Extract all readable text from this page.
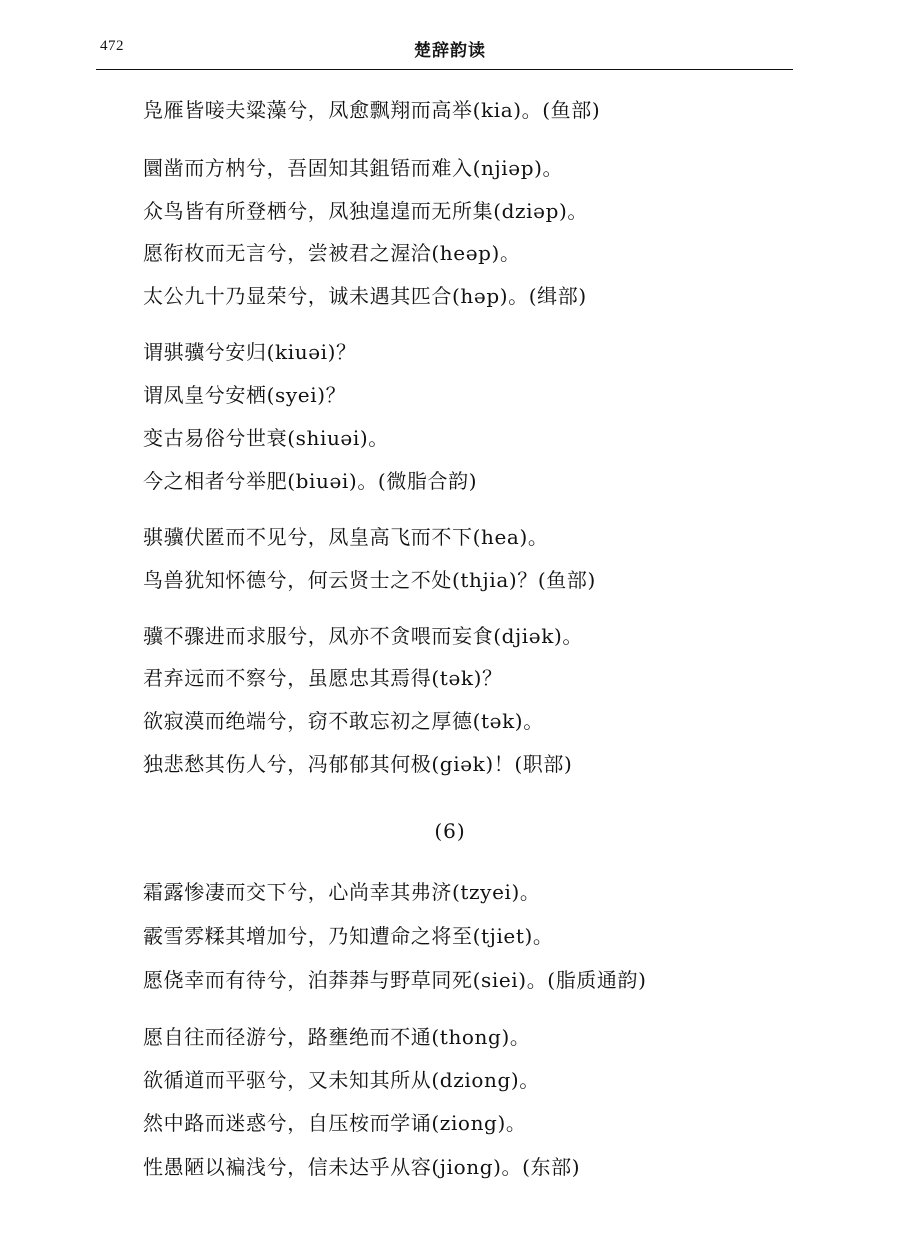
472	楚辞韵读
凫雁皆唼夫粱藻兮，凤愈飘翔而高举(kia)。(鱼部)
圜凿而方枘兮，吾固知其鉏铻而难入(njiəp)。
众鸟皆有所登栖兮，凤独遑遑而无所集(dziəp)。
愿衔枚而无言兮，尝被君之渥洽(heəp)。
太公九十乃显荣兮，诚未遇其匹合(həp)。(缉部)
谓骐骥兮安归(kiuəi)？
谓凤皇兮安栖(syei)？
变古易俗兮世衰(shiuəi)。
今之相者兮举肥(biuəi)。(微脂合韵)
骐骥伏匿而不见兮，凤皇高飞而不下(hea)。
鸟兽犹知怀德兮，何云贤士之不处(thjia)？(鱼部)
骥不骤进而求服兮，凤亦不贪喂而妄食(djiək)。
君弃远而不察兮，虽愿忠其焉得(tək)？
欲寂漠而绝端兮，窃不敢忘初之厚德(tək)。
独悲愁其伤人兮，冯郁郁其何极(giək)！(职部)
(6)
霜露惨凄而交下兮，心尚幸其弗济(tzyei)。
霰雪雰糅其增加兮，乃知遭命之将至(tjiet)。
愿侥幸而有待兮，泊莽莽与野草同死(siei)。(脂质通韵)
愿自往而径游兮，路壅绝而不通(thong)。
欲循道而平驱兮，又未知其所从(dziong)。
然中路而迷惑兮，自压桉而学诵(ziong)。
性愚陋以褊浅兮，信未达乎从容(jiong)。(东部)
